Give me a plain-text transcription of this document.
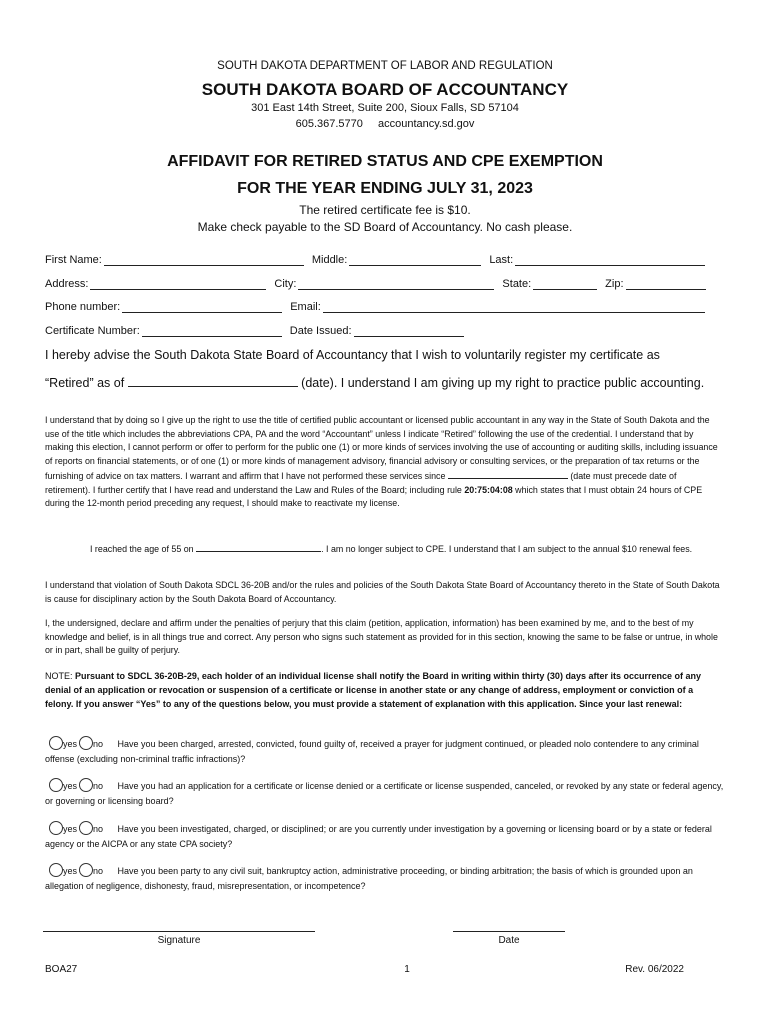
SOUTH DAKOTA DEPARTMENT OF LABOR AND REGULATION
SOUTH DAKOTA BOARD OF ACCOUNTANCY
301 East 14th Street, Suite 200, Sioux Falls, SD 57104
605.367.5770 accountancy.sd.gov
AFFIDAVIT FOR RETIRED STATUS AND CPE EXEMPTION
FOR THE YEAR ENDING JULY 31, 2023
The retired certificate fee is $10.
Make check payable to the SD Board of Accountancy. No cash please.
First Name:	Middle:	Last:
Address:	City:	State:	Zip:
Phone number:	Email:
Certificate Number:	Date Issued:
I hereby advise the South Dakota State Board of Accountancy that I wish to voluntarily register my certificate as
“Retired” as of	(date). I understand I am giving up my right to practice public accounting.
I understand that by doing so I give up the right to use the title of certified public accountant or licensed public accountant in any way in the State of South Dakota and the use of the title which includes the abbreviations CPA, PA and the word “Accountant” unless I indicate “Retired” following the use of the credential. I understand that by making this election, I cannot perform or offer to perform for the public one (1) or more kinds of services involving the use of accounting or auditing skills, including issuance of reports on financial statements, or of one (1) or more kinds of management advisory, financial advisory or consulting services, or the preparation of tax returns or the furnishing of advice on tax matters. I warrant and affirm that I have not performed these services since	(date must precede date of retirement). I further certify that I have read and understand the Law and Rules of the Board; including rule 20:75:04:08 which states that I must obtain 24 hours of CPE during the 12-month period preceding any request, I should make to reactivate my license.
I reached the age of 55 on	. I am no longer subject to CPE. I understand that I am subject to the annual $10 renewal fees.
I understand that violation of South Dakota SDCL 36-20B and/or the rules and policies of the South Dakota State Board of Accountancy thereto in the State of South Dakota is cause for disciplinary action by the South Dakota Board of Accountancy.
I, the undersigned, declare and affirm under the penalties of perjury that this claim (petition, application, information) has been examined by me, and to the best of my knowledge and belief, is in all things true and correct. Any person who signs such statement as provided for in this section, knowing the same to be false or untrue, in whole or in part, shall be guilty of perjury.
NOTE: Pursuant to SDCL 36-20B-29, each holder of an individual license shall notify the Board in writing within thirty (30) days after its occurrence of any denial of an application or revocation or suspension of a certificate or license in another state or any change of address, employment or conviction of a felony. If you answer “Yes” to any of the questions below, you must provide a statement of explanation with this application. Since your last renewal:
yes no Have you been charged, arrested, convicted, found guilty of, received a prayer for judgment continued, or pleaded nolo contendere to any criminal offense (excluding non-criminal traffic infractions)?
yes no Have you had an application for a certificate or license denied or a certificate or license suspended, canceled, or revoked by any state or federal agency, or governing or licensing board?
yes no Have you been investigated, charged, or disciplined; or are you currently under investigation by a governing or licensing board or by a state or federal agency or the AICPA or any state CPA society?
yes no Have you been party to any civil suit, bankruptcy action, administrative proceeding, or binding arbitration; the basis of which is grounded upon an allegation of negligence, dishonesty, fraud, misrepresentation, or incompetence?
Signature	Date
BOA27	1	Rev. 06/2022
